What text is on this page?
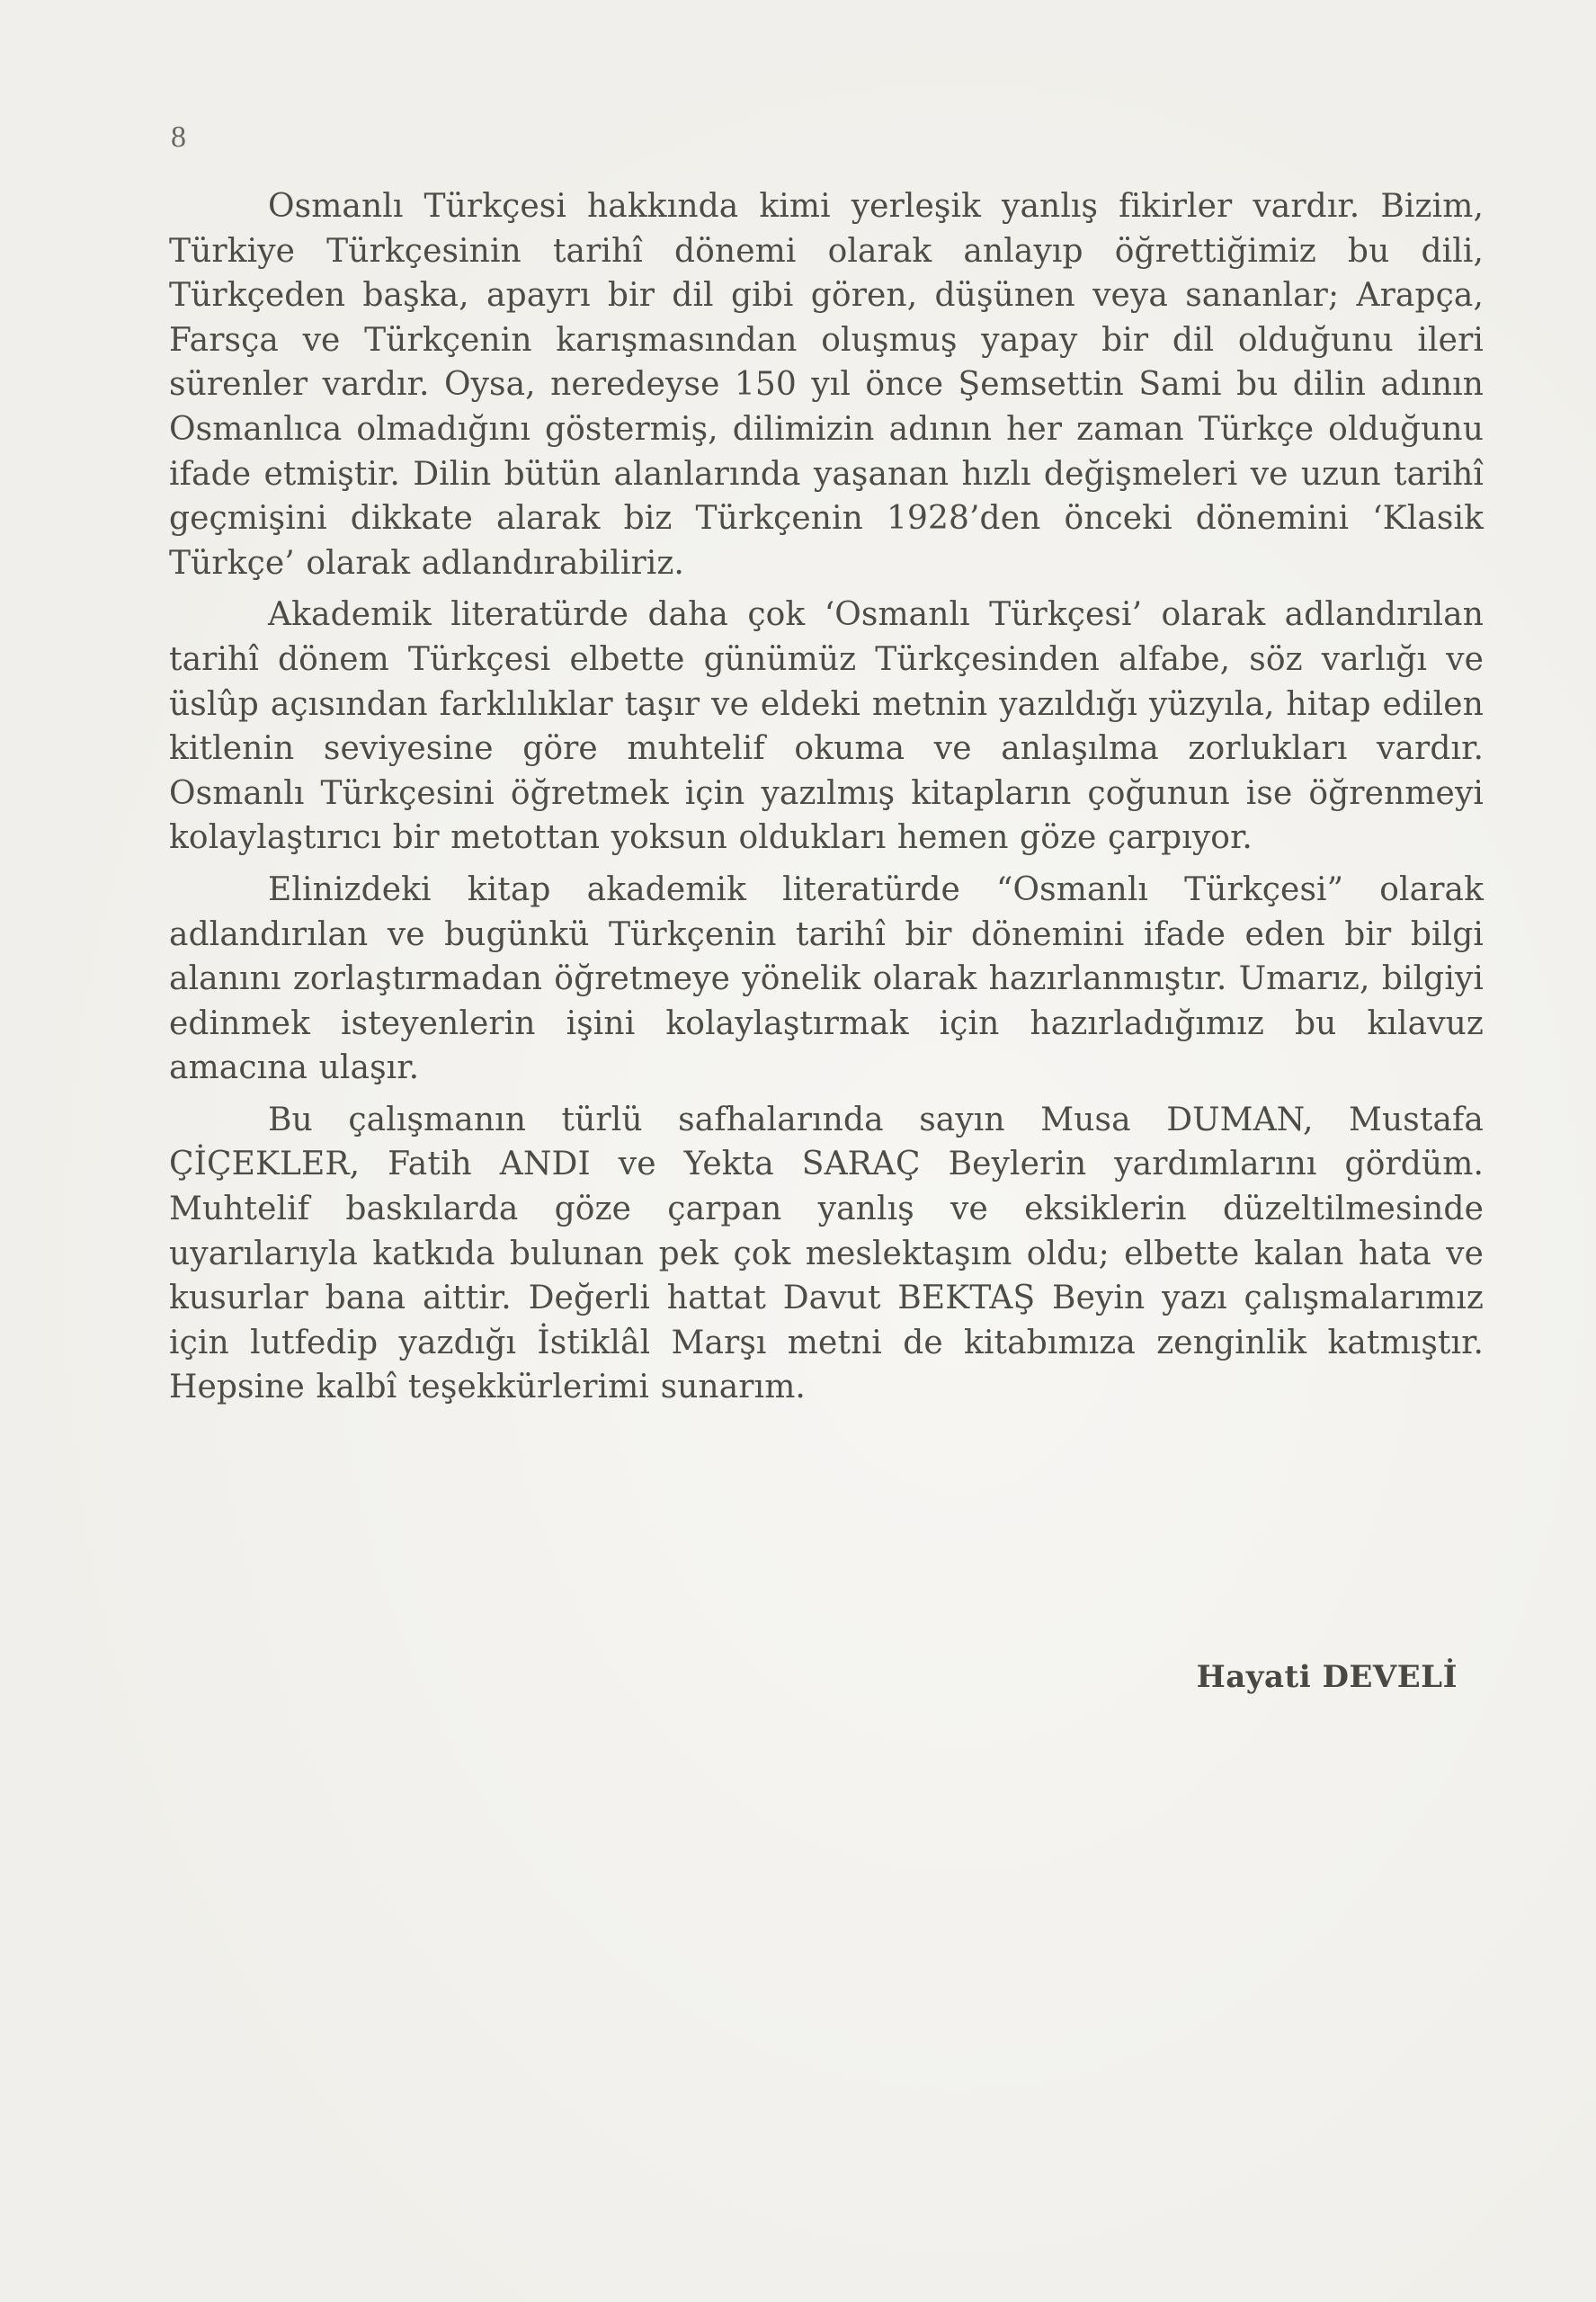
8

Osmanlı Türkçesi hakkında kimi yerleşik yanlış fikirler vardır. Bizim, Türkiye Türkçesinin tarihî dönemi olarak anlayıp öğrettiğimiz bu dili, Türkçeden başka, apayrı bir dil gibi gören, düşünen veya sananlar; Arapça, Farsça ve Türkçenin karışmasından oluşmuş yapay bir dil olduğunu ileri sürenler vardır. Oysa, neredeyse 150 yıl önce Şemsettin Sami bu dilin adının Osmanlıca olmadığını göstermiş, dilimizin adının her zaman Türkçe olduğunu ifade etmiştir. Dilin bütün alanlarında yaşanan hızlı değişmeleri ve uzun tarihî geçmişini dikkate alarak biz Türkçenin 1928’den önceki dönemini ‘Klasik Türkçe’ olarak adlandırabiliriz.

Akademik literatürde daha çok ‘Osmanlı Türkçesi’ olarak adlandırılan tarihî dönem Türkçesi elbette günümüz Türkçesinden alfabe, söz varlığı ve üslûp açısından farklılıklar taşır ve eldeki metnin yazıldığı yüzyıla, hitap edilen kitlenin seviyesine göre muhtelif okuma ve anlaşılma zorlukları vardır. Osmanlı Türkçesini öğretmek için yazılmış kitapların çoğunun ise öğrenmeyi kolaylaştırıcı bir metottan yoksun oldukları hemen göze çarpıyor.

Elinizdeki kitap akademik literatürde “Osmanlı Türkçesi” olarak adlandırılan ve bugünkü Türkçenin tarihî bir dönemini ifade eden bir bilgi alanını zorlaştırmadan öğretmeye yönelik olarak hazırlanmıştır. Umarız, bilgiyi edinmek isteyenlerin işini kolaylaştırmak için hazırladığımız bu kılavuz amacına ulaşır.

Bu çalışmanın türlü safhalarında sayın Musa DUMAN, Mustafa ÇİÇEKLER, Fatih ANDI ve Yekta SARAÇ Beylerin yardımlarını gördüm. Muhtelif baskılarda göze çarpan yanlış ve eksiklerin düzeltilmesinde uyarılarıyla katkıda bulunan pek çok meslektaşım oldu; elbette kalan hata ve kusurlar bana aittir. Değerli hattat Davut BEKTAŞ Beyin yazı çalışmalarımız için lutfedip yazdığı İstiklâl Marşı metni de kitabımıza zenginlik katmıştır. Hepsine kalbî teşekkürlerimi sunarım.

Hayati DEVELİ
